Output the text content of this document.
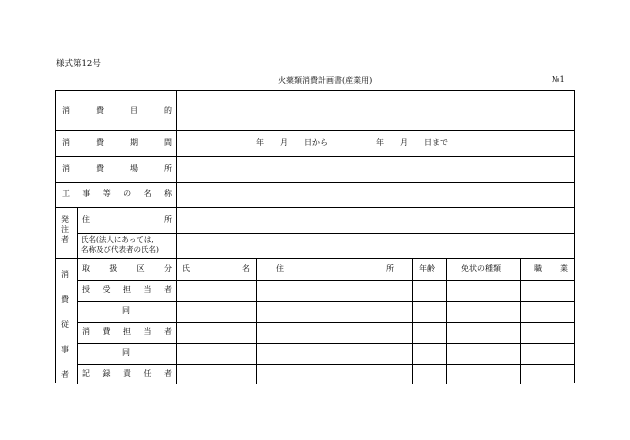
様式第12号
火薬類消費計画書(産業用)	№1
消	費	目	的
消	費	期	間	年　　月　　日から	年　　月　　日まで
消	費	場	所
工 事 等 の 名 称
発注者
住	所
氏名(法人にあっては,
名称及び代表者の氏名)
消費従事者
取 扱 区 分 氏	名	住	所	年齢	免状の種類	職 業
授 受 担 当 者
同
消 費 担 当 者
同
記 録 責 任 者
